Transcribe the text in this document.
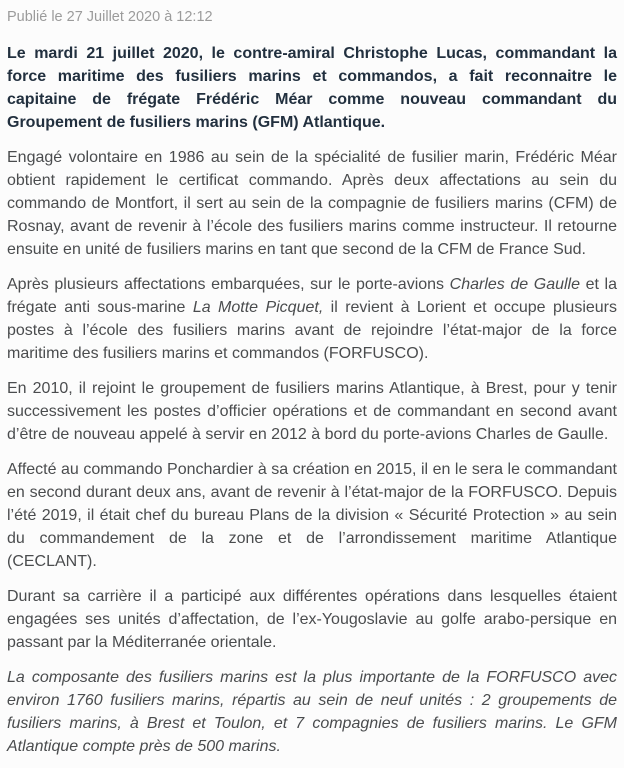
Publié le 27 Juillet 2020 à 12:12

Le mardi 21 juillet 2020, le contre-amiral Christophe Lucas, commandant la force maritime des fusiliers marins et commandos, a fait reconnaitre le capitaine de frégate Frédéric Méar comme nouveau commandant du Groupement de fusiliers marins (GFM) Atlantique.

Engagé volontaire en 1986 au sein de la spécialité de fusilier marin, Frédéric Méar obtient rapidement le certificat commando. Après deux affectations au sein du commando de Montfort, il sert au sein de la compagnie de fusiliers marins (CFM) de Rosnay, avant de revenir à l’école des fusiliers marins comme instructeur. Il retourne ensuite en unité de fusiliers marins en tant que second de la CFM de France Sud.

Après plusieurs affectations embarquées, sur le porte-avions Charles de Gaulle et la frégate anti sous-marine La Motte Picquet, il revient à Lorient et occupe plusieurs postes à l’école des fusiliers marins avant de rejoindre l’état-major de la force maritime des fusiliers marins et commandos (FORFUSCO).

En 2010, il rejoint le groupement de fusiliers marins Atlantique, à Brest, pour y tenir successivement les postes d’officier opérations et de commandant en second avant d’être de nouveau appelé à servir en 2012 à bord du porte-avions Charles de Gaulle.

Affecté au commando Ponchardier à sa création en 2015, il en le sera le commandant en second durant deux ans, avant de revenir à l’état-major de la FORFUSCO. Depuis l’été 2019, il était chef du bureau Plans de la division « Sécurité Protection » au sein du commandement de la zone et de l’arrondissement maritime Atlantique (CECLANT).

Durant sa carrière il a participé aux différentes opérations dans lesquelles étaient engagées ses unités d’affectation, de l’ex-Yougoslavie au golfe arabo-persique en passant par la Méditerranée orientale.

La composante des fusiliers marins est la plus importante de la FORFUSCO avec environ 1760 fusiliers marins, répartis au sein de neuf unités : 2 groupements de fusiliers marins, à Brest et Toulon, et 7 compagnies de fusiliers marins. Le GFM Atlantique compte près de 500 marins.
